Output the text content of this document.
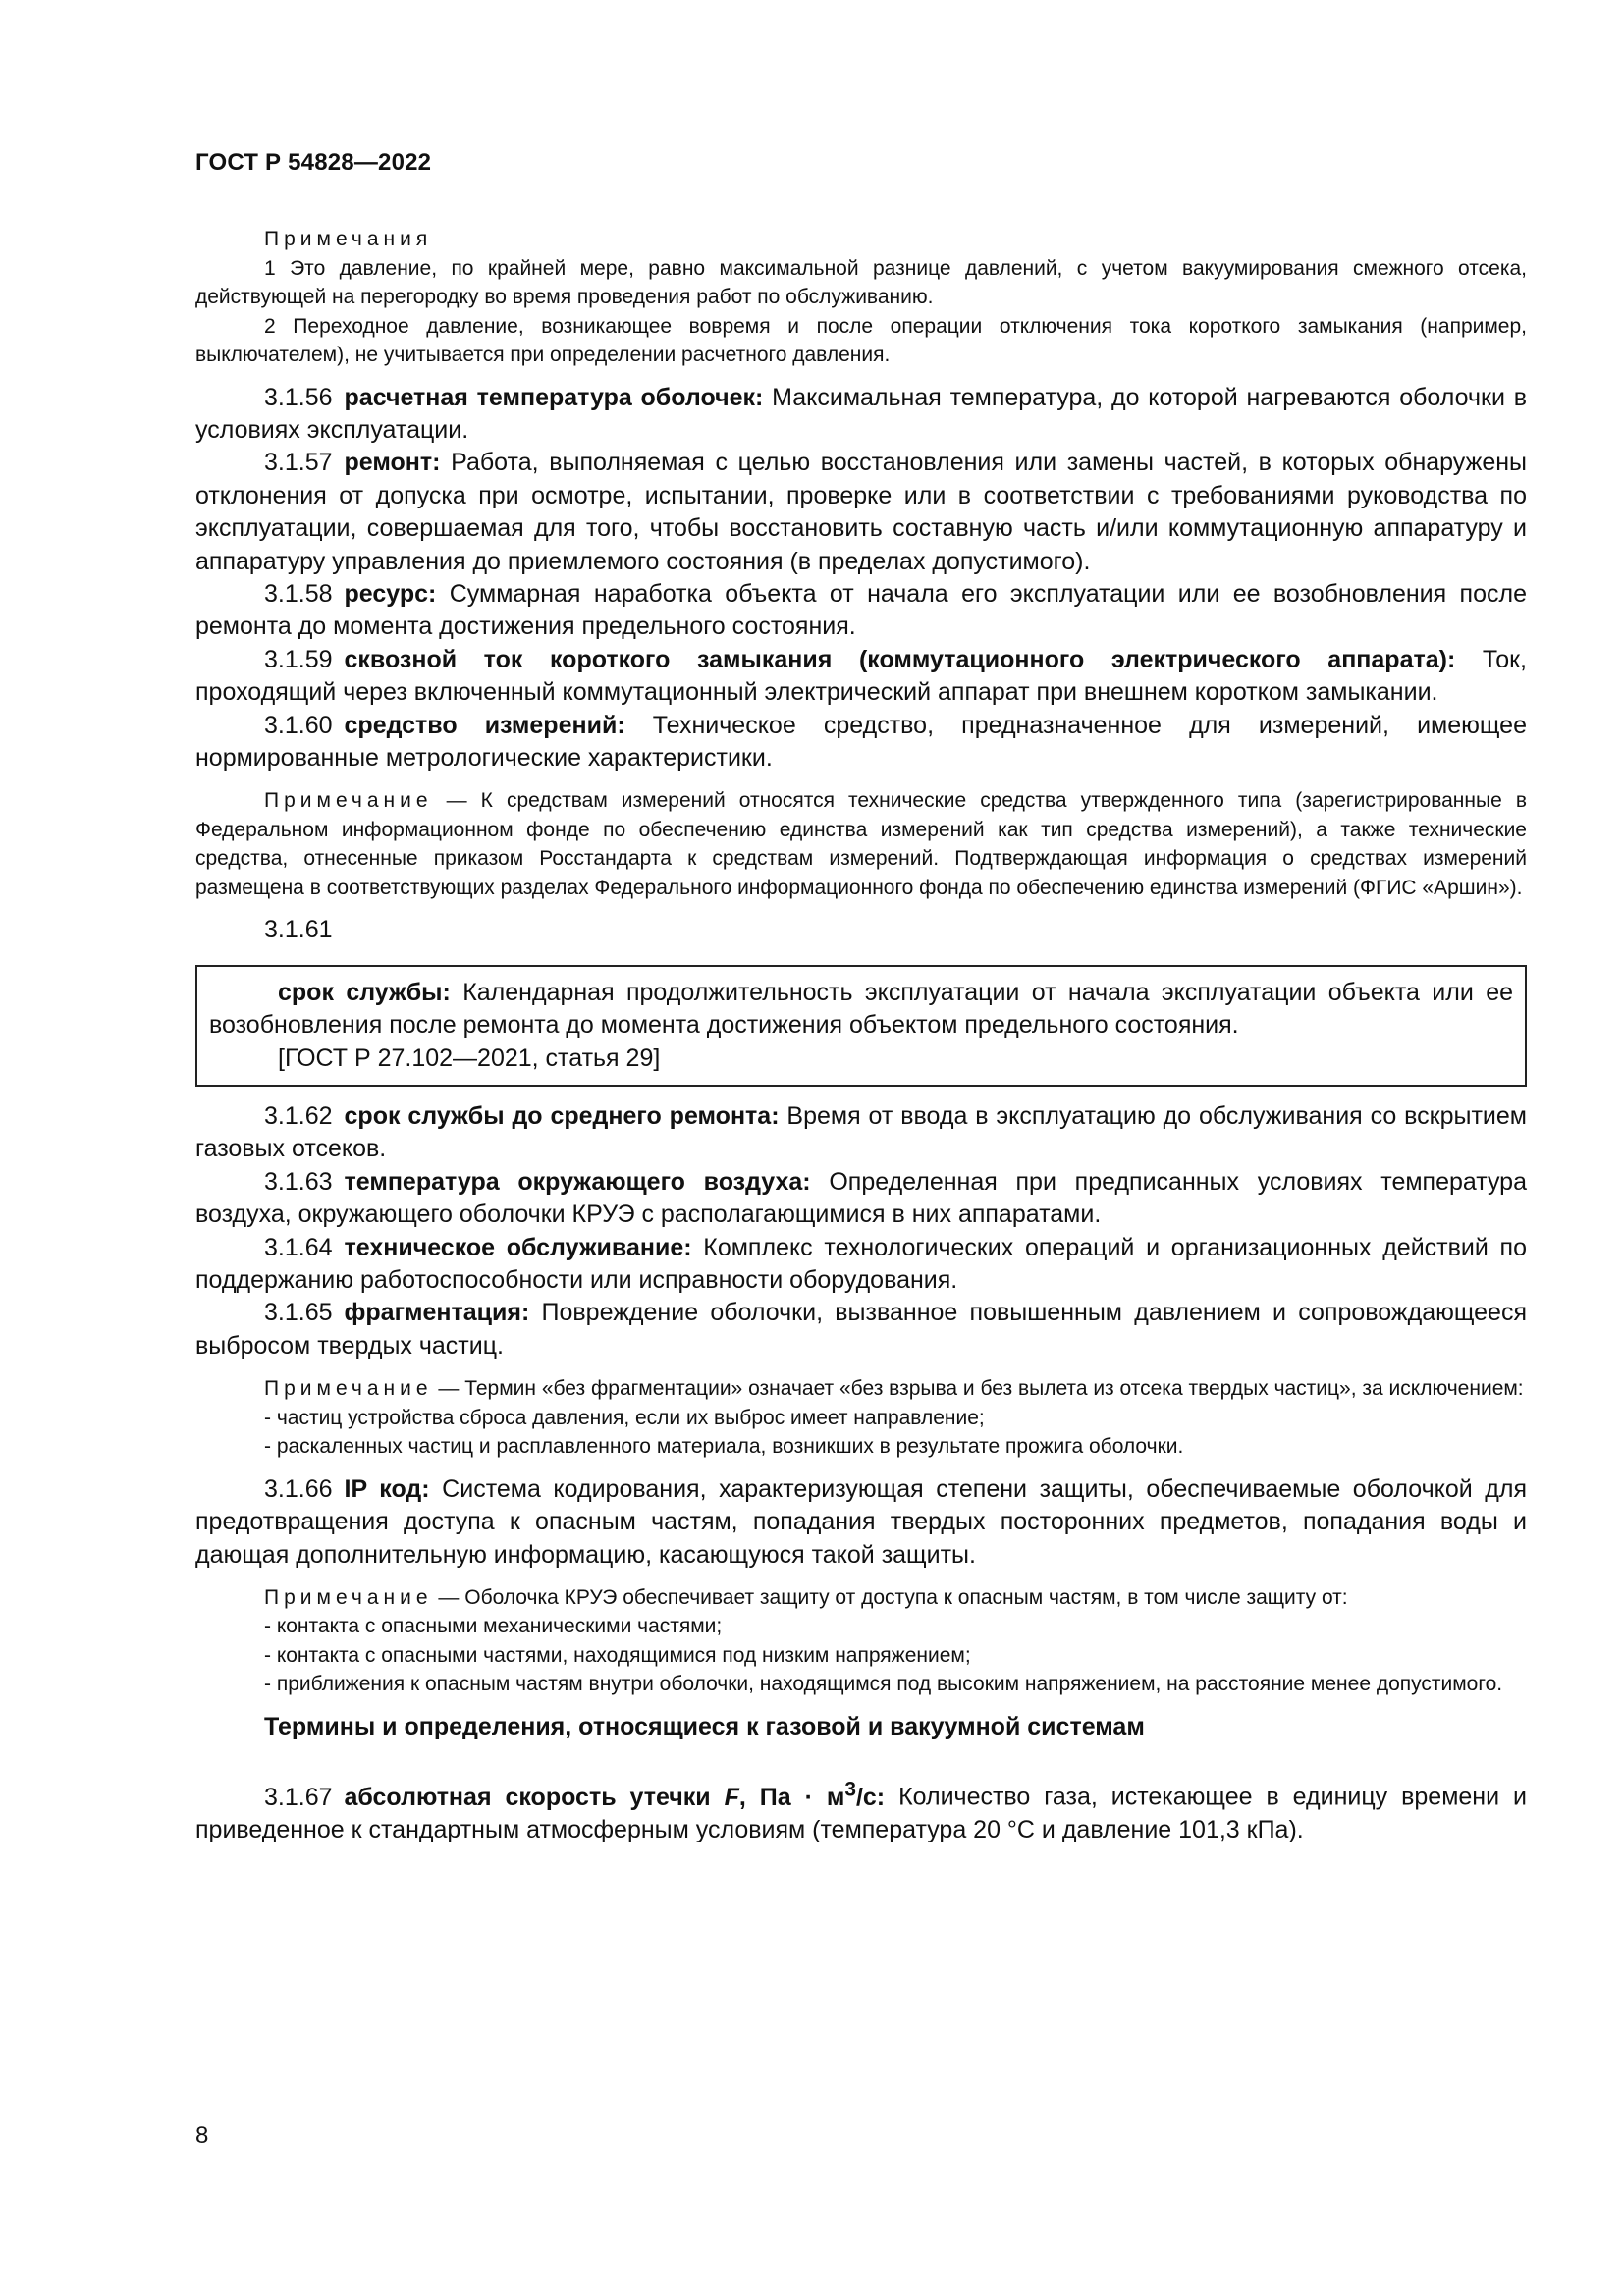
ГОСТ Р 54828—2022

Примечания

1 Это давление, по крайней мере, равно максимальной разнице давлений, с учетом вакуумирования смежного отсека, действующей на перегородку во время проведения работ по обслуживанию.

2 Переходное давление, возникающее вовремя и после операции отключения тока короткого замыкания (например, выключателем), не учитывается при определении расчетного давления.

3.1.56 расчетная температура оболочек: Максимальная температура, до которой нагреваются оболочки в условиях эксплуатации.

3.1.57 ремонт: Работа, выполняемая с целью восстановления или замены частей, в которых обнаружены отклонения от допуска при осмотре, испытании, проверке или в соответствии с требованиями руководства по эксплуатации, совершаемая для того, чтобы восстановить составную часть и/или коммутационную аппаратуру и аппаратуру управления до приемлемого состояния (в пределах допустимого).

3.1.58 ресурс: Суммарная наработка объекта от начала его эксплуатации или ее возобновления после ремонта до момента достижения предельного состояния.

3.1.59 сквозной ток короткого замыкания (коммутационного электрического аппарата): Ток, проходящий через включенный коммутационный электрический аппарат при внешнем коротком замыкании.

3.1.60 средство измерений: Техническое средство, предназначенное для измерений, имеющее нормированные метрологические характеристики.

Примечание — К средствам измерений относятся технические средства утвержденного типа (зарегистрированные в Федеральном информационном фонде по обеспечению единства измерений как тип средства измерений), а также технические средства, отнесенные приказом Росстандарта к средствам измерений. Подтверждающая информация о средствах измерений размещена в соответствующих разделах Федерального информационного фонда по обеспечению единства измерений (ФГИС «Аршин»).

3.1.61

срок службы: Календарная продолжительность эксплуатации от начала эксплуатации объекта или ее возобновления после ремонта до момента достижения объектом предельного состояния.

[ГОСТ Р 27.102—2021, статья 29]

3.1.62 срок службы до среднего ремонта: Время от ввода в эксплуатацию до обслуживания со вскрытием газовых отсеков.

3.1.63 температура окружающего воздуха: Определенная при предписанных условиях температура воздуха, окружающего оболочки КРУЭ с располагающимися в них аппаратами.

3.1.64 техническое обслуживание: Комплекс технологических операций и организационных действий по поддержанию работоспособности или исправности оборудования.

3.1.65 фрагментация: Повреждение оболочки, вызванное повышенным давлением и сопровождающееся выбросом твердых частиц.

Примечание — Термин «без фрагментации» означает «без взрыва и без вылета из отсека твердых частиц», за исключением:

- частиц устройства сброса давления, если их выброс имеет направление;

- раскаленных частиц и расплавленного материала, возникших в результате прожига оболочки.

3.1.66 IP код: Система кодирования, характеризующая степени защиты, обеспечиваемые оболочкой для предотвращения доступа к опасным частям, попадания твердых посторонних предметов, попадания воды и дающая дополнительную информацию, касающуюся такой защиты.

Примечание — Оболочка КРУЭ обеспечивает защиту от доступа к опасным частям, в том числе защиту от:

- контакта с опасными механическими частями;

- контакта с опасными частями, находящимися под низким напряжением;

- приближения к опасным частям внутри оболочки, находящимся под высоким напряжением, на расстояние менее допустимого.

Термины и определения, относящиеся к газовой и вакуумной системам

3.1.67 абсолютная скорость утечки F, Па · $м^3/с$: Количество газа, истекающее в единицу времени и приведенное к стандартным атмосферным условиям (температура 20 °С и давление 101,3 кПа).

8
